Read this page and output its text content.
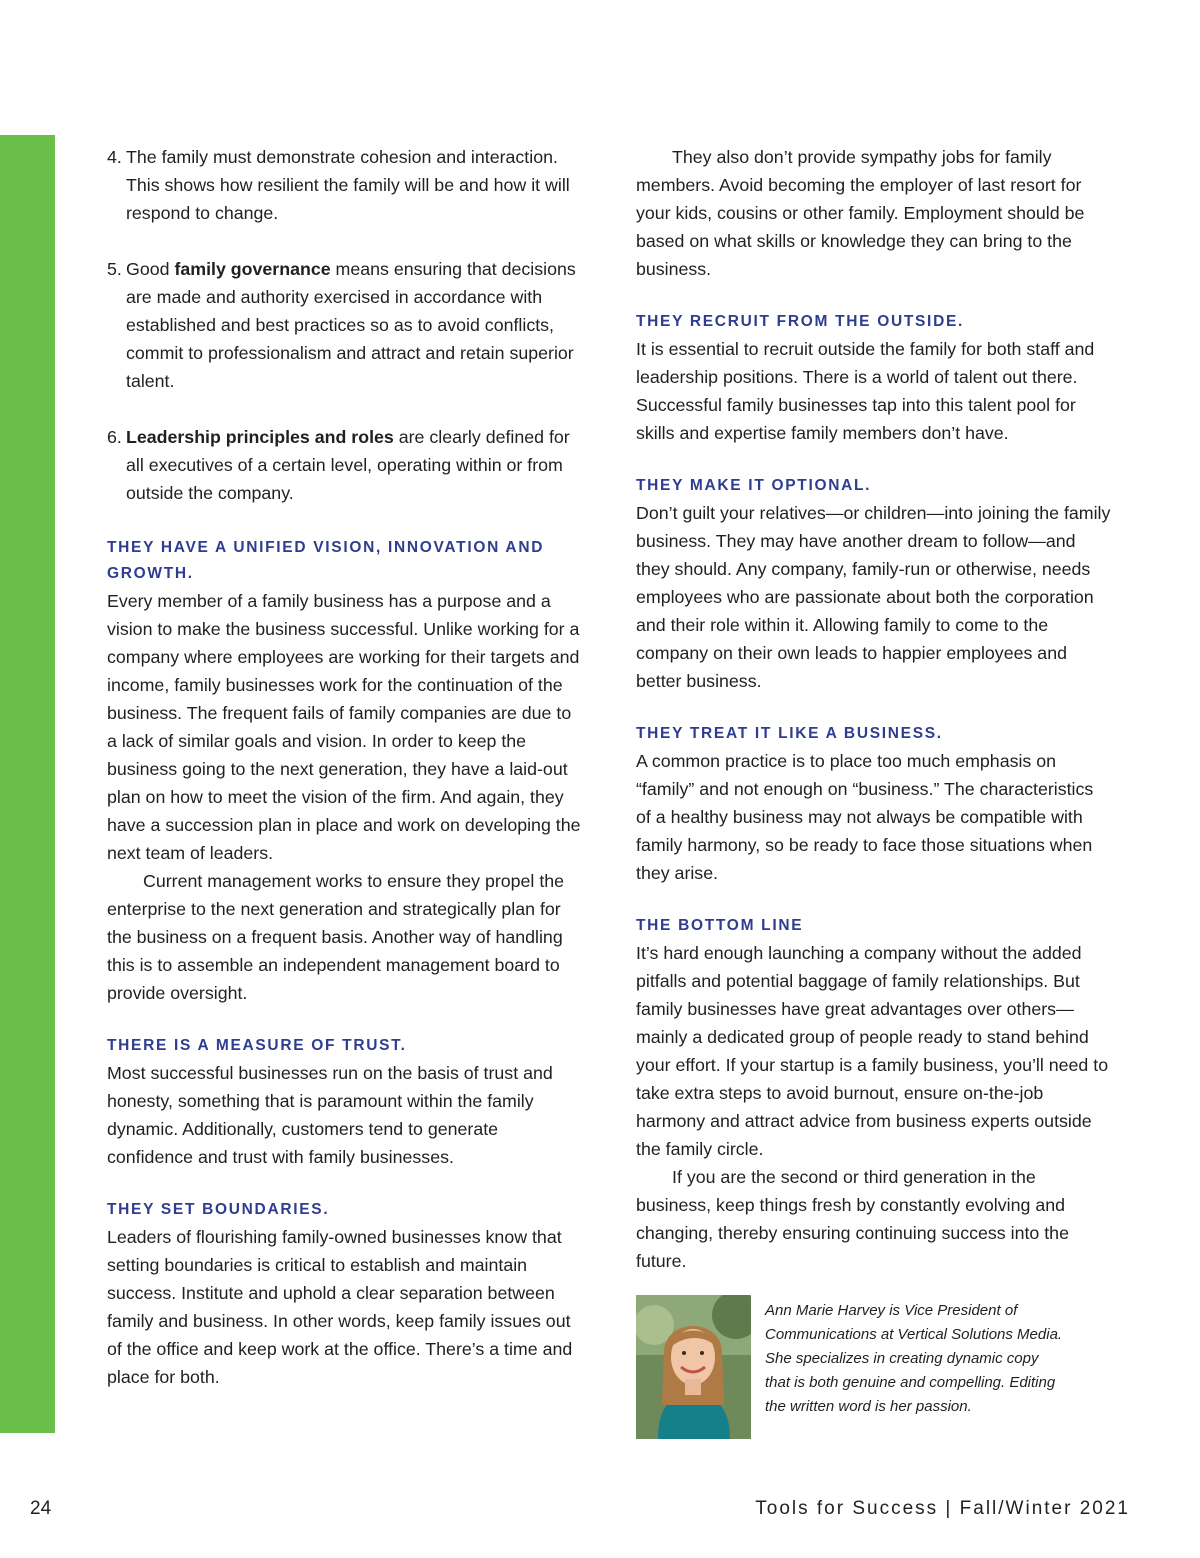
4. The family must demonstrate cohesion and interaction. This shows how resilient the family will be and how it will respond to change.
5. Good family governance means ensuring that decisions are made and authority exercised in accordance with established and best practices so as to avoid conflicts, commit to professionalism and attract and retain superior talent.
6. Leadership principles and roles are clearly defined for all executives of a certain level, operating within or from outside the company.
THEY HAVE A UNIFIED VISION, INNOVATION AND GROWTH.

Every member of a family business has a purpose and a vision to make the business successful. Unlike working for a company where employees are working for their targets and income, family businesses work for the continuation of the business. The frequent fails of family companies are due to a lack of similar goals and vision. In order to keep the business going to the next generation, they have a laid-out plan on how to meet the vision of the firm. And again, they have a succession plan in place and work on developing the next team of leaders.

Current management works to ensure they propel the enterprise to the next generation and strategically plan for the business on a frequent basis. Another way of handling this is to assemble an independent management board to provide oversight.

THERE IS A MEASURE OF TRUST.

Most successful businesses run on the basis of trust and honesty, something that is paramount within the family dynamic. Additionally, customers tend to generate confidence and trust with family businesses.

THEY SET BOUNDARIES.

Leaders of flourishing family-owned businesses know that setting boundaries is critical to establish and maintain success. Institute and uphold a clear separation between family and business. In other words, keep family issues out of the office and keep work at the office. There’s a time and place for both.

They also don’t provide sympathy jobs for family members. Avoid becoming the employer of last resort for your kids, cousins or other family. Employment should be based on what skills or knowledge they can bring to the business.

THEY RECRUIT FROM THE OUTSIDE.

It is essential to recruit outside the family for both staff and leadership positions. There is a world of talent out there. Successful family businesses tap into this talent pool for skills and expertise family members don’t have.

THEY MAKE IT OPTIONAL.

Don’t guilt your relatives—or children—into joining the family business. They may have another dream to follow—and they should. Any company, family-run or otherwise, needs employees who are passionate about both the corporation and their role within it. Allowing family to come to the company on their own leads to happier employees and better business.

THEY TREAT IT LIKE A BUSINESS.

A common practice is to place too much emphasis on “family” and not enough on “business.” The characteristics of a healthy business may not always be compatible with family harmony, so be ready to face those situations when they arise.

THE BOTTOM LINE

It’s hard enough launching a company without the added pitfalls and potential baggage of family relationships. But family businesses have great advantages over others—mainly a dedicated group of people ready to stand behind your effort. If your startup is a family business, you’ll need to take extra steps to avoid burnout, ensure on-the-job harmony and attract advice from business experts outside the family circle.

If you are the second or third generation in the business, keep things fresh by constantly evolving and changing, thereby ensuring continuing success into the future.

Ann Marie Harvey is Vice President of Communications at Vertical Solutions Media. She specializes in creating dynamic copy that is both genuine and compelling. Editing the written word is her passion.

24	Tools for Success | Fall/Winter 2021
